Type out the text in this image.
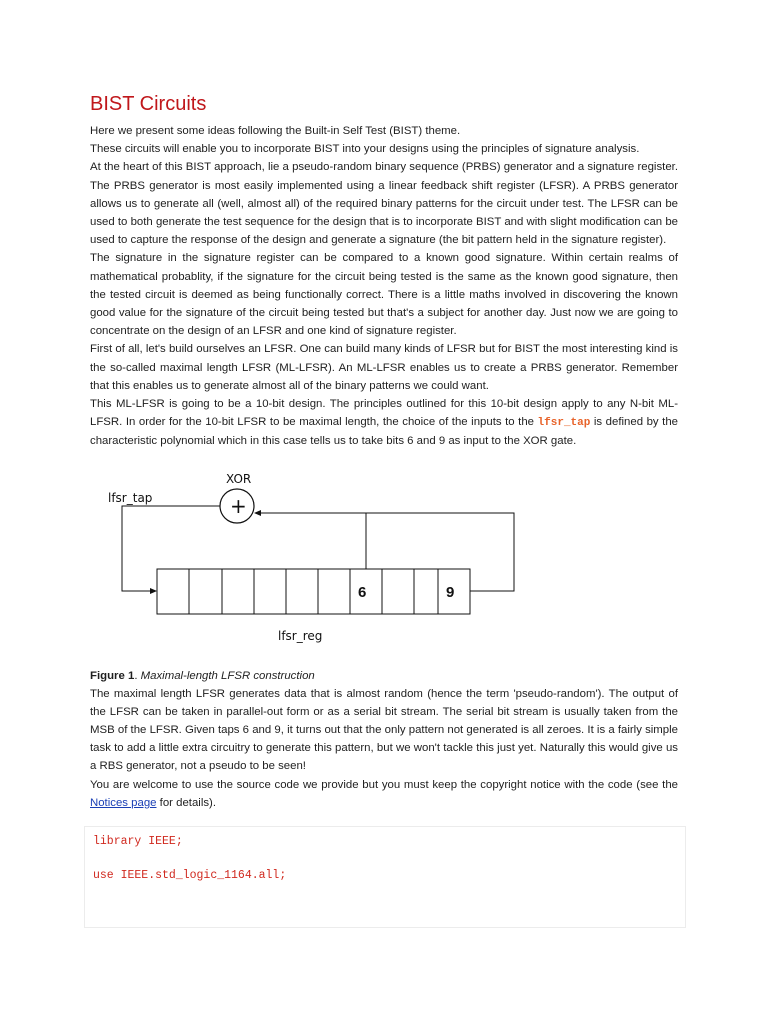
BIST Circuits

Here we present some ideas following the Built-in Self Test (BIST) theme.

These circuits will enable you to incorporate BIST into your designs using the principles of signature analysis.

At the heart of this BIST approach, lie a pseudo-random binary sequence (PRBS) generator and a signature register. The PRBS generator is most easily implemented using a linear feedback shift register (LFSR). A PRBS generator allows us to generate all (well, almost all) of the required binary patterns for the circuit under test. The LFSR can be used to both generate the test sequence for the design that is to incorporate BIST and with slight modification can be used to capture the response of the design and generate a signature (the bit pattern held in the signature register).

The signature in the signature register can be compared to a known good signature. Within certain realms of mathematical probablity, if the signature for the circuit being tested is the same as the known good signature, then the tested circuit is deemed as being functionally correct. There is a little maths involved in discovering the known good value for the signature of the circuit being tested but that's a subject for another day. Just now we are going to concentrate on the design of an LFSR and one kind of signature register.

First of all, let's build ourselves an LFSR. One can build many kinds of LFSR but for BIST the most interesting kind is the so-called maximal length LFSR (ML-LFSR). An ML-LFSR enables us to create a PRBS generator. Remember that this enables us to generate almost all of the binary patterns we could want.

This ML-LFSR is going to be a 10-bit design. The principles outlined for this 10-bit design apply to any N-bit ML-LFSR. In order for the 10-bit LFSR to be maximal length, the choice of the inputs to the lfsr_tap is defined by the characteristic polynomial which in this case tells us to take bits 6 and 9 as input to the XOR gate.

XOR
+
lfsr_tap
6	9
lfsr_reg
Figure 1. Maximal-length LFSR construction

The maximal length LFSR generates data that is almost random (hence the term 'pseudo-random'). The output of the LFSR can be taken in parallel-out form or as a serial bit stream. The serial bit stream is usually taken from the MSB of the LFSR. Given taps 6 and 9, it turns out that the only pattern not generated is all zeroes. It is a fairly simple task to add a little extra circuitry to generate this pattern, but we won't tackle this just yet. Naturally this would give us a RBS generator, not a pseudo to be seen!

You are welcome to use the source code we provide but you must keep the copyright notice with the code (see the Notices page for details).

library IEEE;
use IEEE.std_logic_1164.all;
